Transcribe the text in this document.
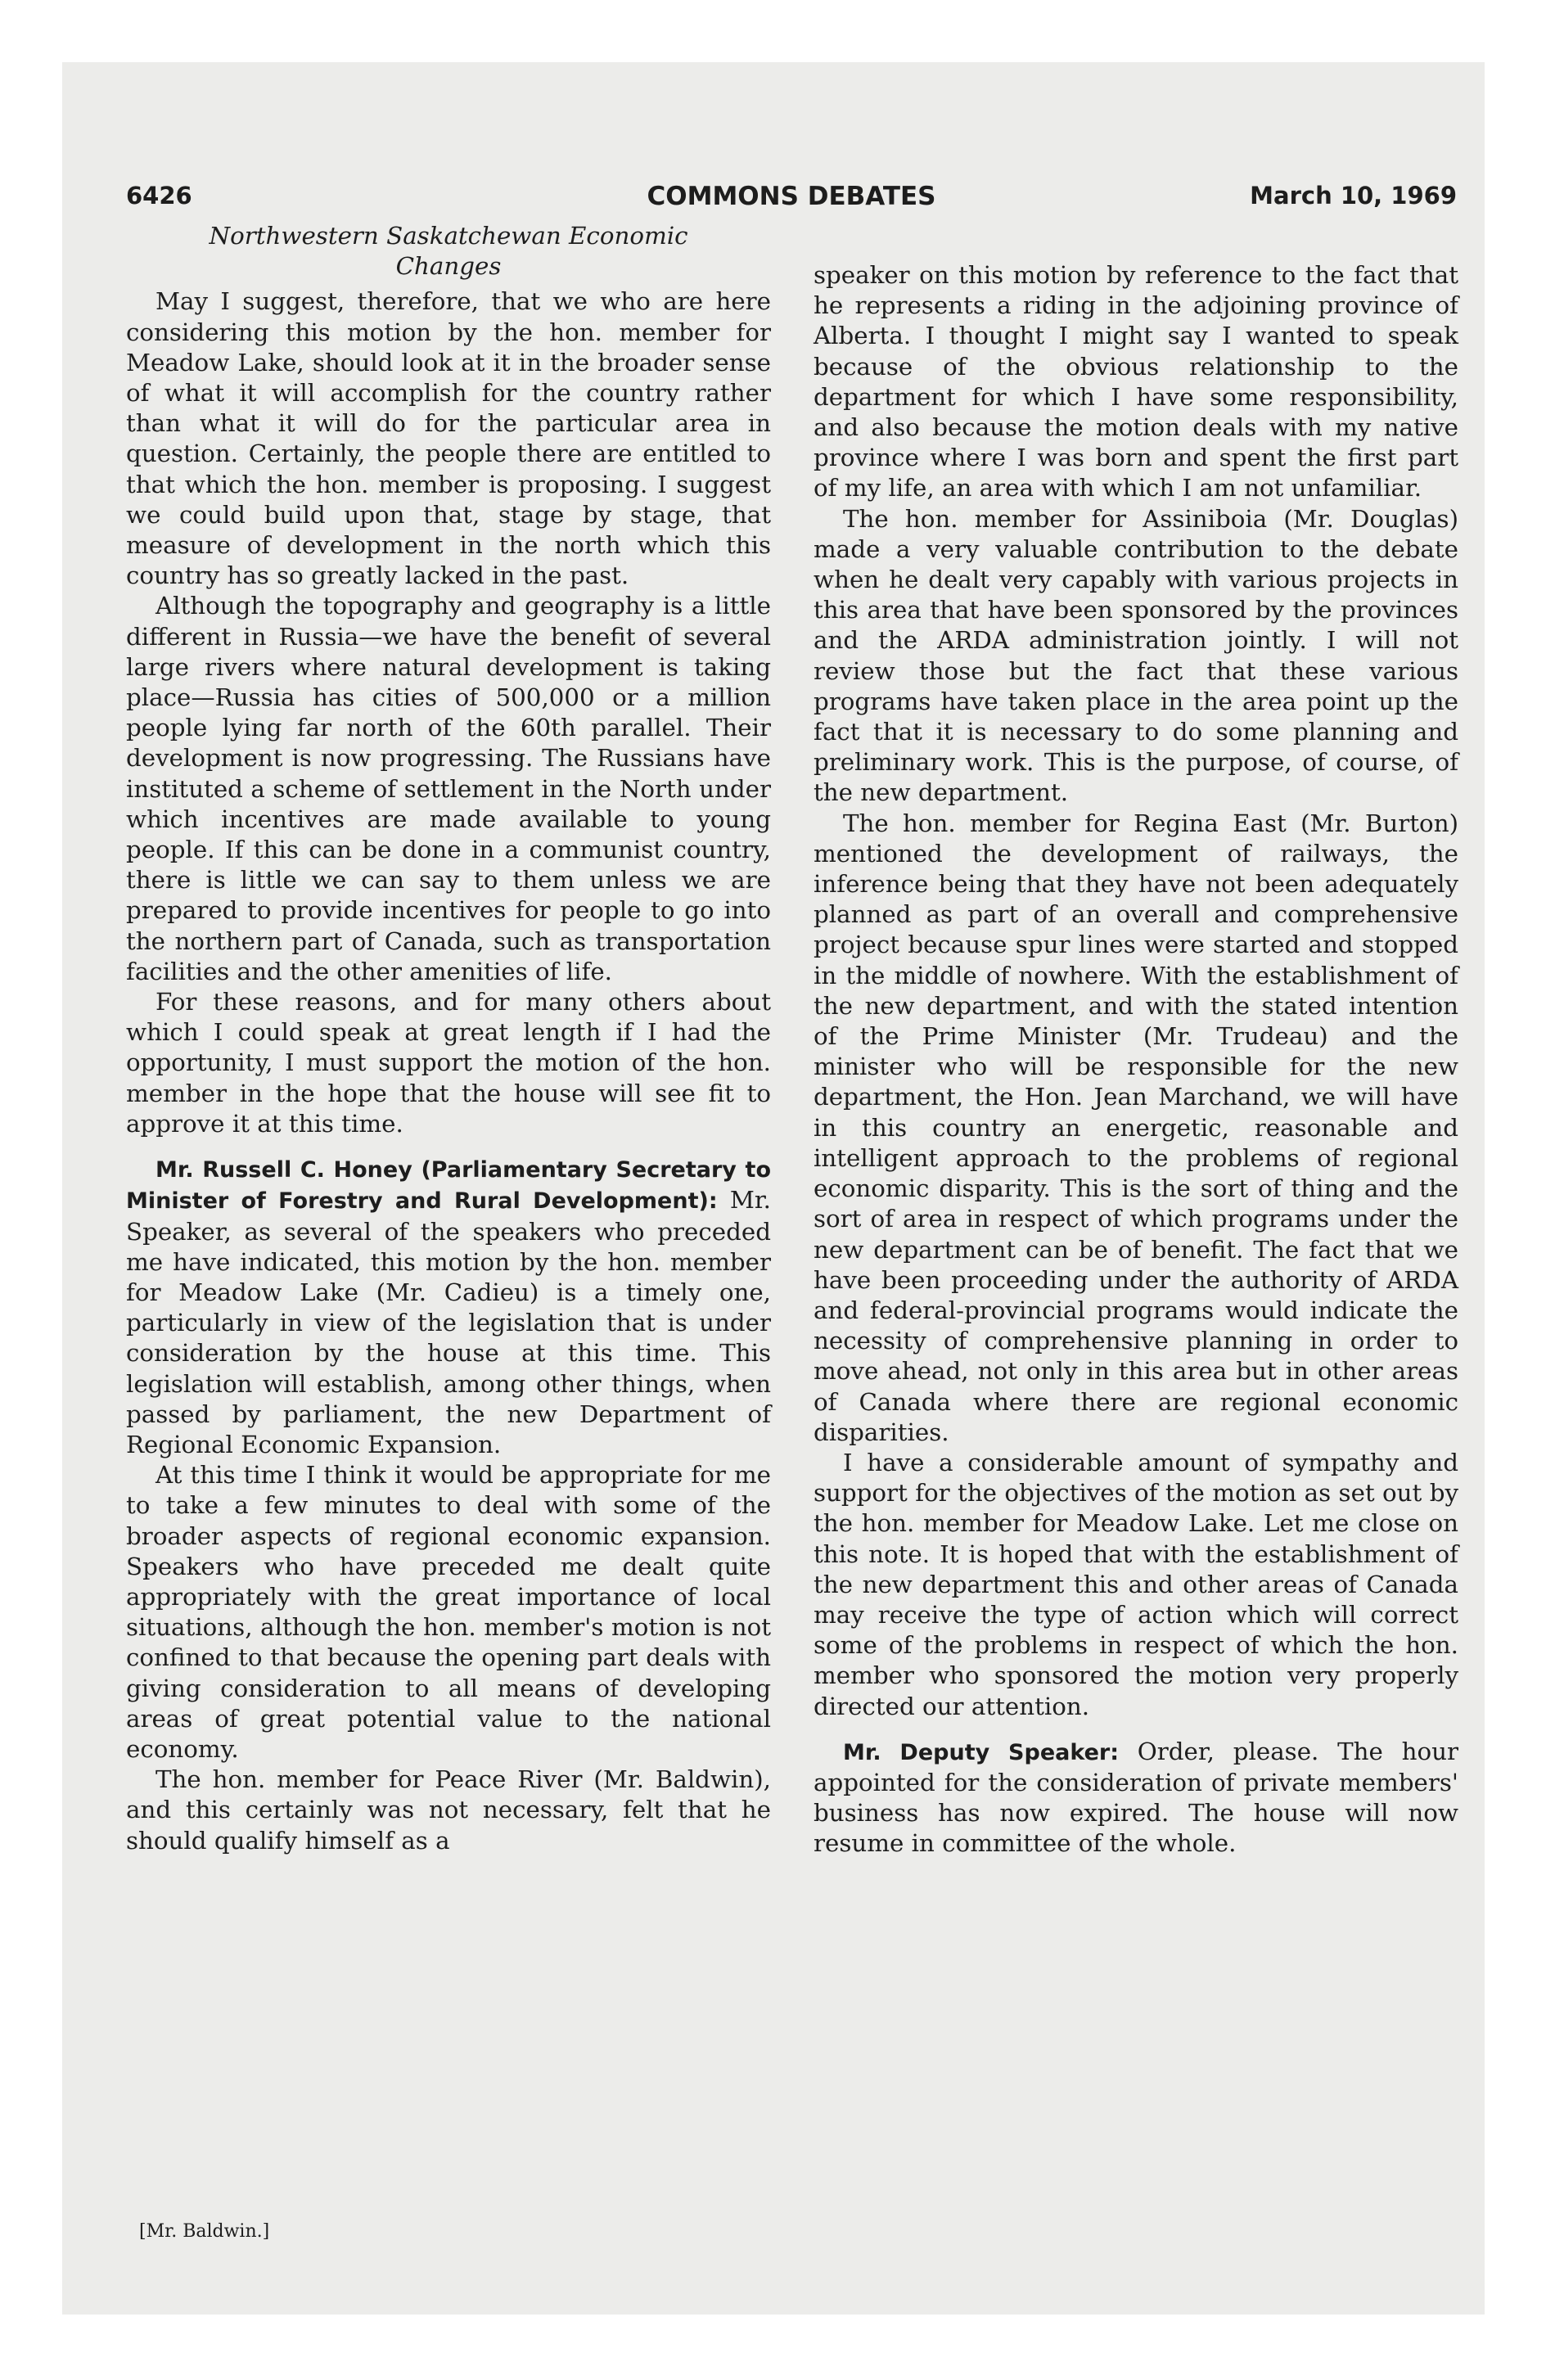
6426	COMMONS DEBATES	March 10, 1969

Northwestern Saskatchewan Economic Changes

May I suggest, therefore, that we who are here considering this motion by the hon. member for Meadow Lake, should look at it in the broader sense of what it will accomplish for the country rather than what it will do for the particular area in question. Certainly, the people there are entitled to that which the hon. member is proposing. I suggest we could build upon that, stage by stage, that measure of development in the north which this country has so greatly lacked in the past.

Although the topography and geography is a little different in Russia—we have the benefit of several large rivers where natural development is taking place—Russia has cities of 500,000 or a million people lying far north of the 60th parallel. Their development is now progressing. The Russians have instituted a scheme of settlement in the North under which incentives are made available to young people. If this can be done in a communist country, there is little we can say to them unless we are prepared to provide incentives for people to go into the northern part of Canada, such as transportation facilities and the other amenities of life.

For these reasons, and for many others about which I could speak at great length if I had the opportunity, I must support the motion of the hon. member in the hope that the house will see fit to approve it at this time.

Mr. Russell C. Honey (Parliamentary Secretary to Minister of Forestry and Rural Development): Mr. Speaker, as several of the speakers who preceded me have indicated, this motion by the hon. member for Meadow Lake (Mr. Cadieu) is a timely one, particularly in view of the legislation that is under consideration by the house at this time. This legislation will establish, among other things, when passed by parliament, the new Department of Regional Economic Expansion.

At this time I think it would be appropriate for me to take a few minutes to deal with some of the broader aspects of regional economic expansion. Speakers who have preceded me dealt quite appropriately with the great importance of local situations, although the hon. member's motion is not confined to that because the opening part deals with giving consideration to all means of developing areas of great potential value to the national economy.

The hon. member for Peace River (Mr. Baldwin), and this certainly was not necessary, felt that he should qualify himself as a

speaker on this motion by reference to the fact that he represents a riding in the adjoining province of Alberta. I thought I might say I wanted to speak because of the obvious relationship to the department for which I have some responsibility, and also because the motion deals with my native province where I was born and spent the first part of my life, an area with which I am not unfamiliar.

The hon. member for Assiniboia (Mr. Douglas) made a very valuable contribution to the debate when he dealt very capably with various projects in this area that have been sponsored by the provinces and the ARDA administration jointly. I will not review those but the fact that these various programs have taken place in the area point up the fact that it is necessary to do some planning and preliminary work. This is the purpose, of course, of the new department.

The hon. member for Regina East (Mr. Burton) mentioned the development of railways, the inference being that they have not been adequately planned as part of an overall and comprehensive project because spur lines were started and stopped in the middle of nowhere. With the establishment of the new department, and with the stated intention of the Prime Minister (Mr. Trudeau) and the minister who will be responsible for the new department, the Hon. Jean Marchand, we will have in this country an energetic, reasonable and intelligent approach to the problems of regional economic disparity. This is the sort of thing and the sort of area in respect of which programs under the new department can be of benefit. The fact that we have been proceeding under the authority of ARDA and federal-provincial programs would indicate the necessity of comprehensive planning in order to move ahead, not only in this area but in other areas of Canada where there are regional economic disparities.

I have a considerable amount of sympathy and support for the objectives of the motion as set out by the hon. member for Meadow Lake. Let me close on this note. It is hoped that with the establishment of the new department this and other areas of Canada may receive the type of action which will correct some of the problems in respect of which the hon. member who sponsored the motion very properly directed our attention.

Mr. Deputy Speaker: Order, please. The hour appointed for the consideration of private members' business has now expired. The house will now resume in committee of the whole.

[Mr. Baldwin.]
